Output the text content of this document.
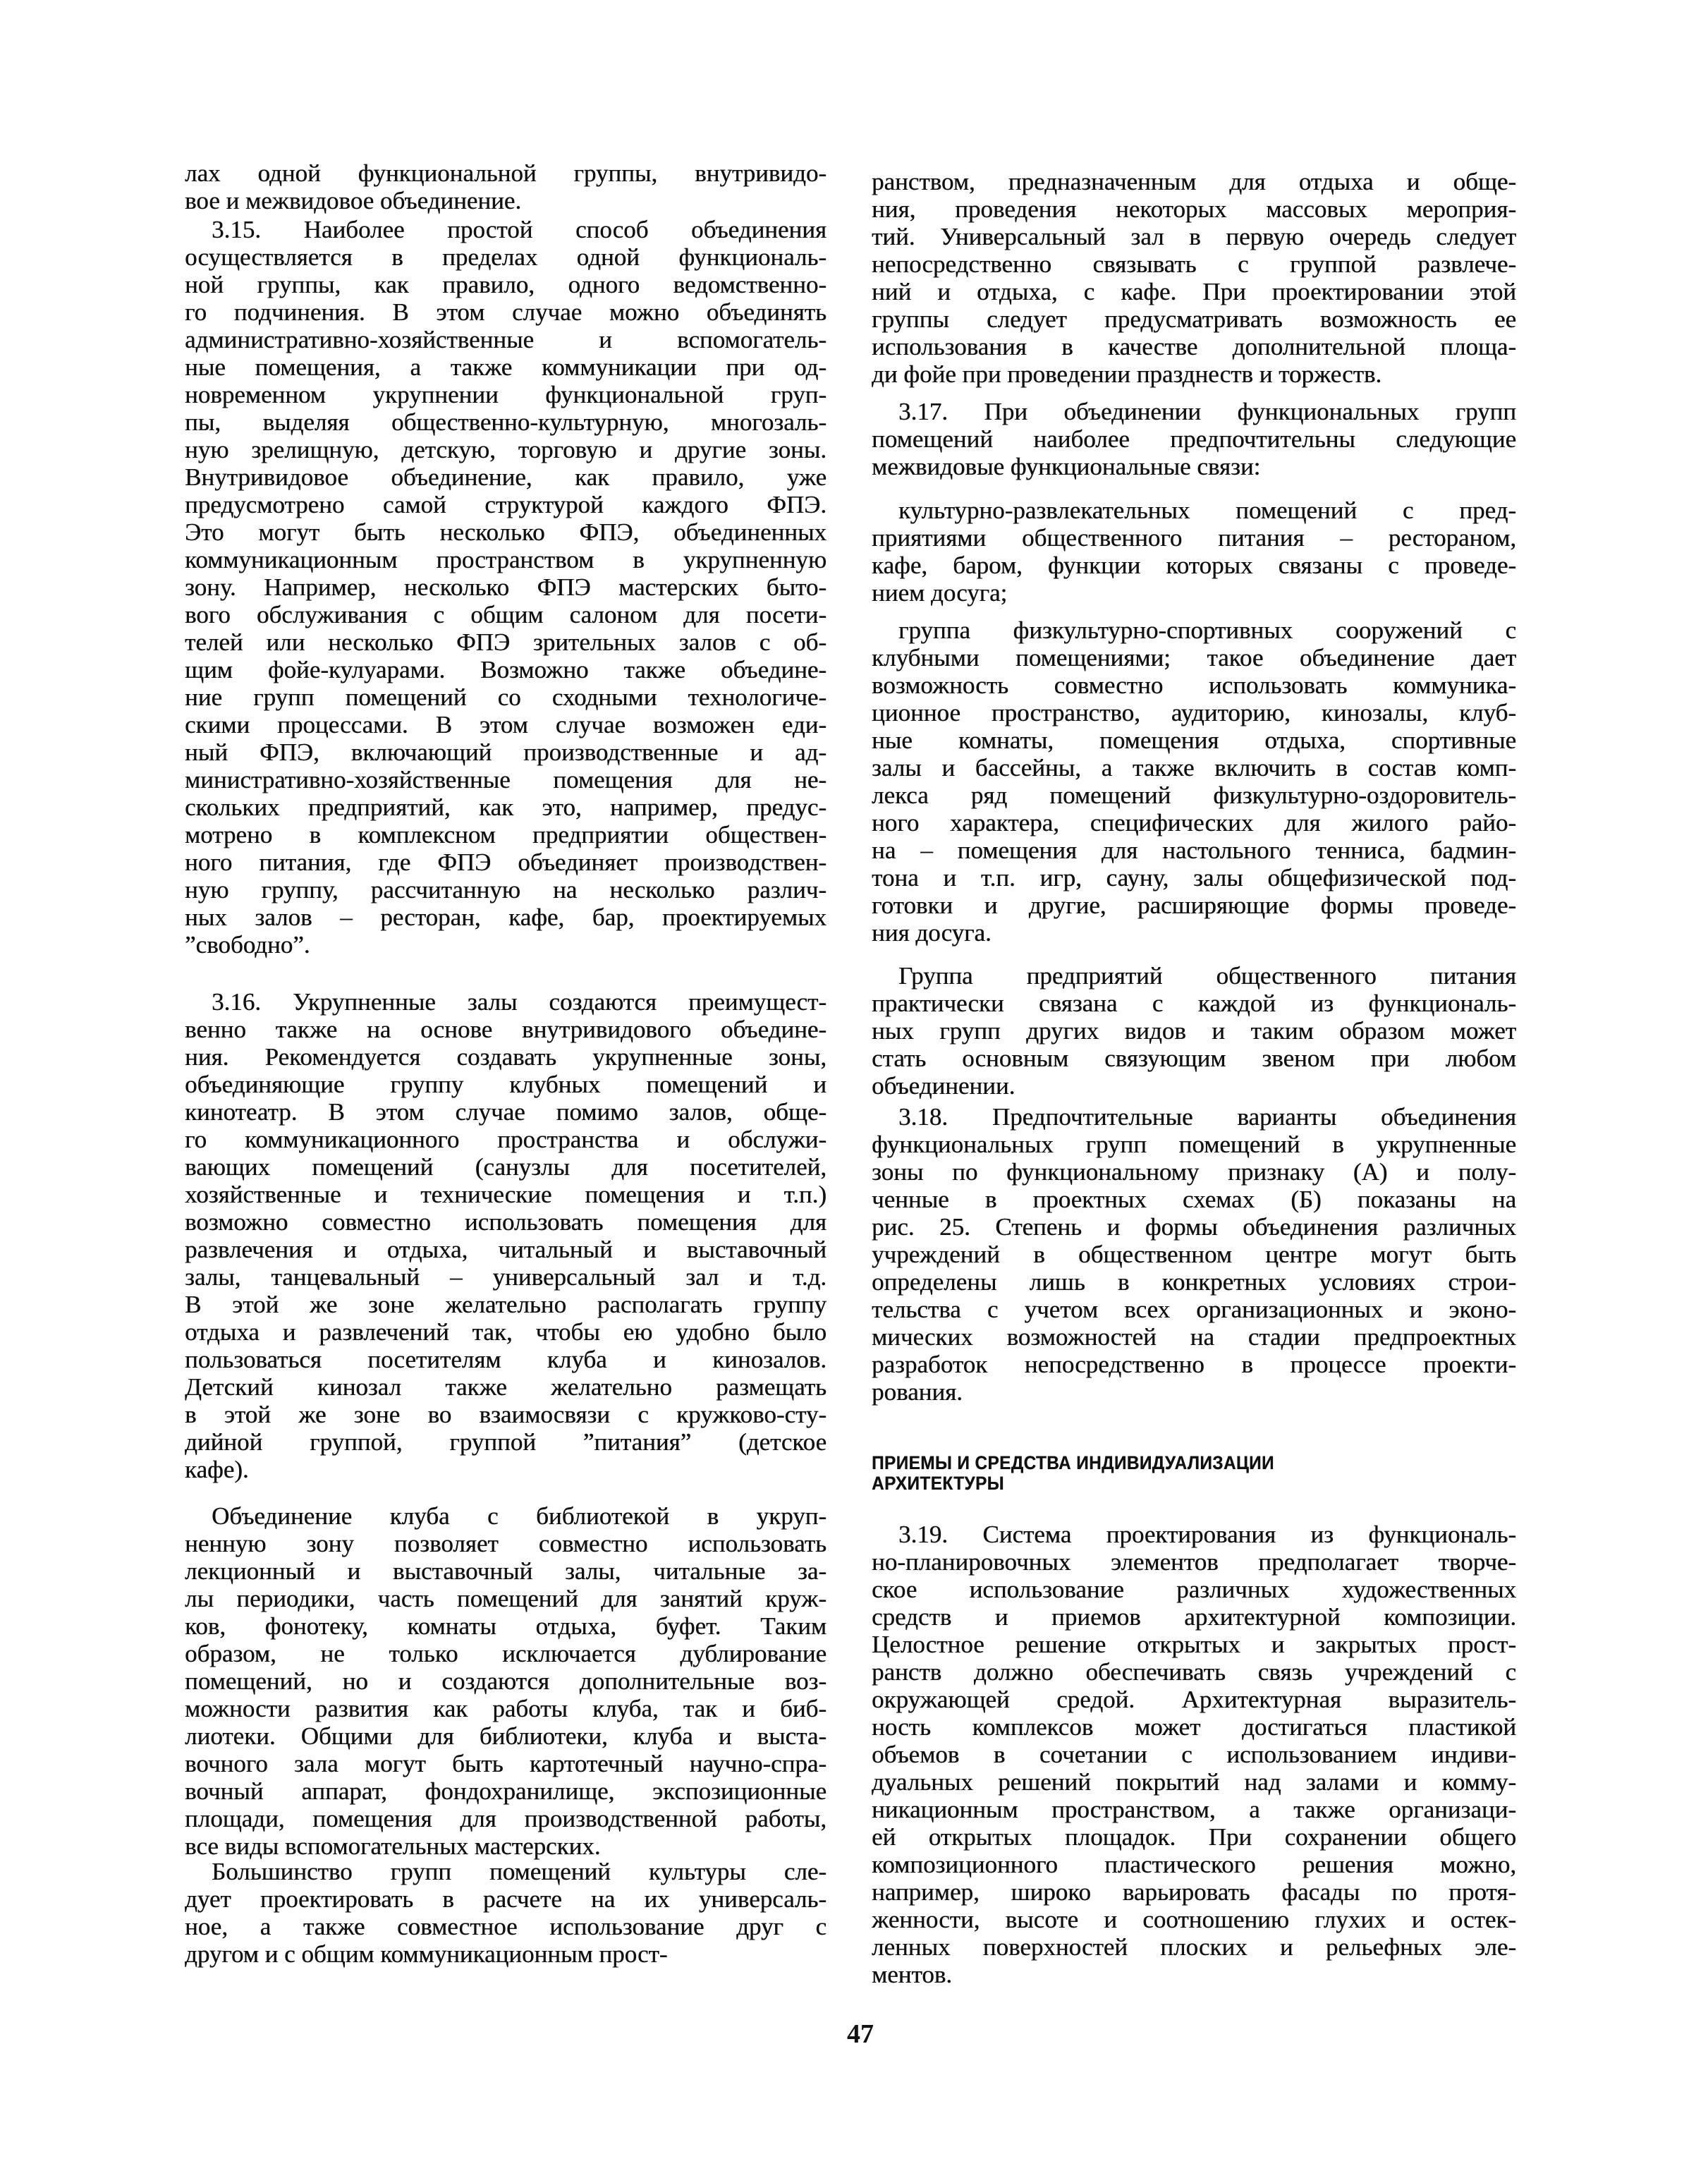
лах одной функциональной группы, внутривидо-
вое и межвидовое объединение.
3.15. Наиболее простой способ объединения
осуществляется в пределах одной функциональ-
ной группы, как правило, одного ведомственно-
го подчинения. В этом случае можно объединять
административно-хозяйственные и вспомогатель-
ные помещения, а также коммуникации при од-
новременном укрупнении функциональной груп-
пы, выделяя общественно-культурную, многозаль-
ную зрелищную, детскую, торговую и другие зоны.
Внутривидовое объединение, как правило, уже
предусмотрено самой структурой каждого ФПЭ.
Это могут быть несколько ФПЭ, объединенных
коммуникационным пространством в укрупненную
зону. Например, несколько ФПЭ мастерских быто-
вого обслуживания с общим салоном для посети-
телей или несколько ФПЭ зрительных залов с об-
щим фойе-кулуарами. Возможно также объедине-
ние групп помещений со сходными технологиче-
скими процессами. В этом случае возможен еди-
ный ФПЭ, включающий производственные и ад-
министративно-хозяйственные помещения для не-
скольких предприятий, как это, например, предус-
мотрено в комплексном предприятии обществен-
ного питания, где ФПЭ объединяет производствен-
ную группу, рассчитанную на несколько различ-
ных залов – ресторан, кафе, бар, проектируемых
”свободно”.
3.16. Укрупненные залы создаются преимущест-
венно также на основе внутривидового объедине-
ния. Рекомендуется создавать укрупненные зоны,
объединяющие группу клубных помещений и
кинотеатр. В этом случае помимо залов, обще-
го коммуникационного пространства и обслужи-
вающих помещений (санузлы для посетителей,
хозяйственные и технические помещения и т.п.)
возможно совместно использовать помещения для
развлечения и отдыха, читальный и выставочный
залы, танцевальный – универсальный зал и т.д.
В этой же зоне желательно располагать группу
отдыха и развлечений так, чтобы ею удобно было
пользоваться посетителям клуба и кинозалов.
Детский кинозал также желательно размещать
в этой же зоне во взаимосвязи с кружково-сту-
дийной группой, группой ”питания” (детское
кафе).
Объединение клуба с библиотекой в укруп-
ненную зону позволяет совместно использовать
лекционный и выставочный залы, читальные за-
лы периодики, часть помещений для занятий круж-
ков, фонотеку, комнаты отдыха, буфет. Таким
образом, не только исключается дублирование
помещений, но и создаются дополнительные воз-
можности развития как работы клуба, так и биб-
лиотеки. Общими для библиотеки, клуба и выста-
вочного зала могут быть картотечный научно-спра-
вочный аппарат, фондохранилище, экспозиционные
площади, помещения для производственной работы,
все виды вспомогательных мастерских.
Большинство групп помещений культуры сле-
дует проектировать в расчете на их универсаль-
ное, а также совместное использование друг с
другом и с общим коммуникационным прост-
ранством, предназначенным для отдыха и обще-
ния, проведения некоторых массовых мероприя-
тий. Универсальный зал в первую очередь следует
непосредственно связывать с группой развлече-
ний и отдыха, с кафе. При проектировании этой
группы следует предусматривать возможность ее
использования в качестве дополнительной площа-
ди фойе при проведении празднеств и торжеств.
3.17. При объединении функциональных групп
помещений наиболее предпочтительны следующие
межвидовые функциональные связи:
культурно-развлекательных помещений с пред-
приятиями общественного питания – рестораном,
кафе, баром, функции которых связаны с проведе-
нием досуга;
группа физкультурно-спортивных сооружений с
клубными помещениями; такое объединение дает
возможность совместно использовать коммуника-
ционное пространство, аудиторию, кинозалы, клуб-
ные комнаты, помещения отдыха, спортивные
залы и бассейны, а также включить в состав комп-
лекса ряд помещений физкультурно-оздоровитель-
ного характера, специфических для жилого райо-
на – помещения для настольного тенниса, бадмин-
тона и т.п. игр, сауну, залы общефизической под-
готовки и другие, расширяющие формы проведе-
ния досуга.
Группа предприятий общественного питания
практически связана с каждой из функциональ-
ных групп других видов и таким образом может
стать основным связующим звеном при любом
объединении.
3.18. Предпочтительные варианты объединения
функциональных групп помещений в укрупненные
зоны по функциональному признаку (А) и полу-
ченные в проектных схемах (Б) показаны на
рис. 25. Степень и формы объединения различных
учреждений в общественном центре могут быть
определены лишь в конкретных условиях строи-
тельства с учетом всех организационных и эконо-
мических возможностей на стадии предпроектных
разработок непосредственно в процессе проекти-
рования.
ПРИЕМЫ И СРЕДСТВА ИНДИВИДУАЛИЗАЦИИ
АРХИТЕКТУРЫ
3.19. Система проектирования из функциональ-
но-планировочных элементов предполагает творче-
ское использование различных художественных
средств и приемов архитектурной композиции.
Целостное решение открытых и закрытых прост-
ранств должно обеспечивать связь учреждений с
окружающей средой. Архитектурная выразитель-
ность комплексов может достигаться пластикой
объемов в сочетании с использованием индиви-
дуальных решений покрытий над залами и комму-
никационным пространством, а также организаци-
ей открытых площадок. При сохранении общего
композиционного пластического решения можно,
например, широко варьировать фасады по протя-
женности, высоте и соотношению глухих и остек-
ленных поверхностей плоских и рельефных эле-
ментов.
47
